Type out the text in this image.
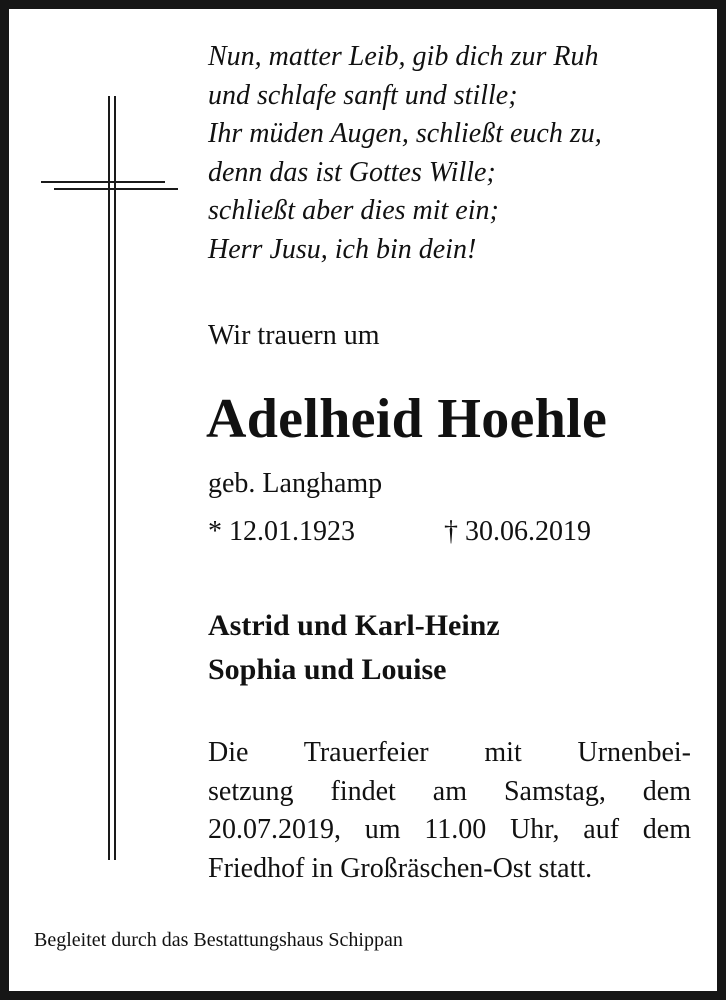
Nun, matter Leib, gib dich zur Ruh
und schlafe sanft und stille;
Ihr müden Augen, schließt euch zu,
denn das ist Gottes Wille;
schließt aber dies mit ein;
Herr Jusu, ich bin dein!
Wir trauern um
Adelheid Hoehle
geb. Langhamp
* 12.01.1923	† 30.06.2019
Astrid und Karl-Heinz
Sophia und Louise
Die Trauerfeier mit Urnenbei-
setzung findet am Samstag, dem
20.07.2019, um 11.00 Uhr, auf dem
Friedhof in Großräschen-Ost statt.
Begleitet durch das Bestattungshaus Schippan
